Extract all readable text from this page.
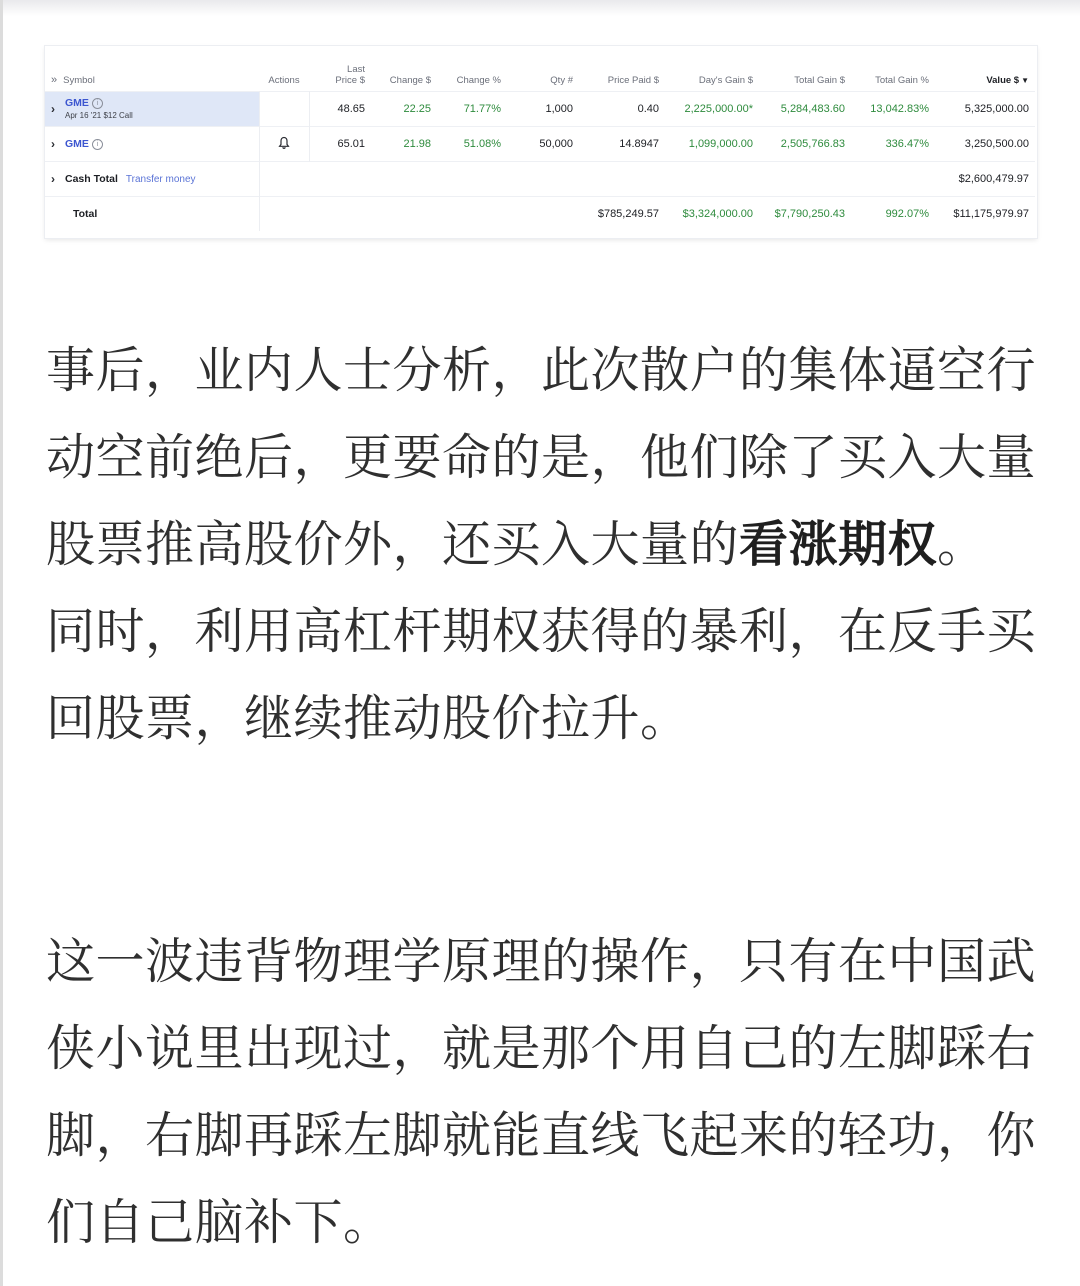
» Symbol	Actions	Last
Price $	Change $	Change %	Qty #	Price Paid $	Day's Gain $	Total Gain $	Total Gain %	Value $ ▼

› GME i
Apr 16 '21 $12 Call		48.65	22.25	71.77%	1,000	0.40	2,225,000.00*	5,284,483.60	13,042.83%	5,325,000.00

› GME i		65.01	21.98	51.08%	50,000	14.8947	1,099,000.00	2,505,766.83	336.47%	3,250,500.00

› Cash Total Transfer money										$2,600,479.97
Total						$785,249.57	$3,324,000.00	$7,790,250.43	992.07%	$11,175,979.97

事后，业内人士分析，此次散户的集体逼空行动空前绝后，更要命的是，他们除了买入大量股票推高股价外，还买入大量的看涨期权。同时，利用高杠杆期权获得的暴利，在反手买回股票，继续推动股价拉升。

这一波违背物理学原理的操作，只有在中国武侠小说里出现过，就是那个用自己的左脚踩右脚，右脚再踩左脚就能直线飞起来的轻功，你们自己脑补下。
